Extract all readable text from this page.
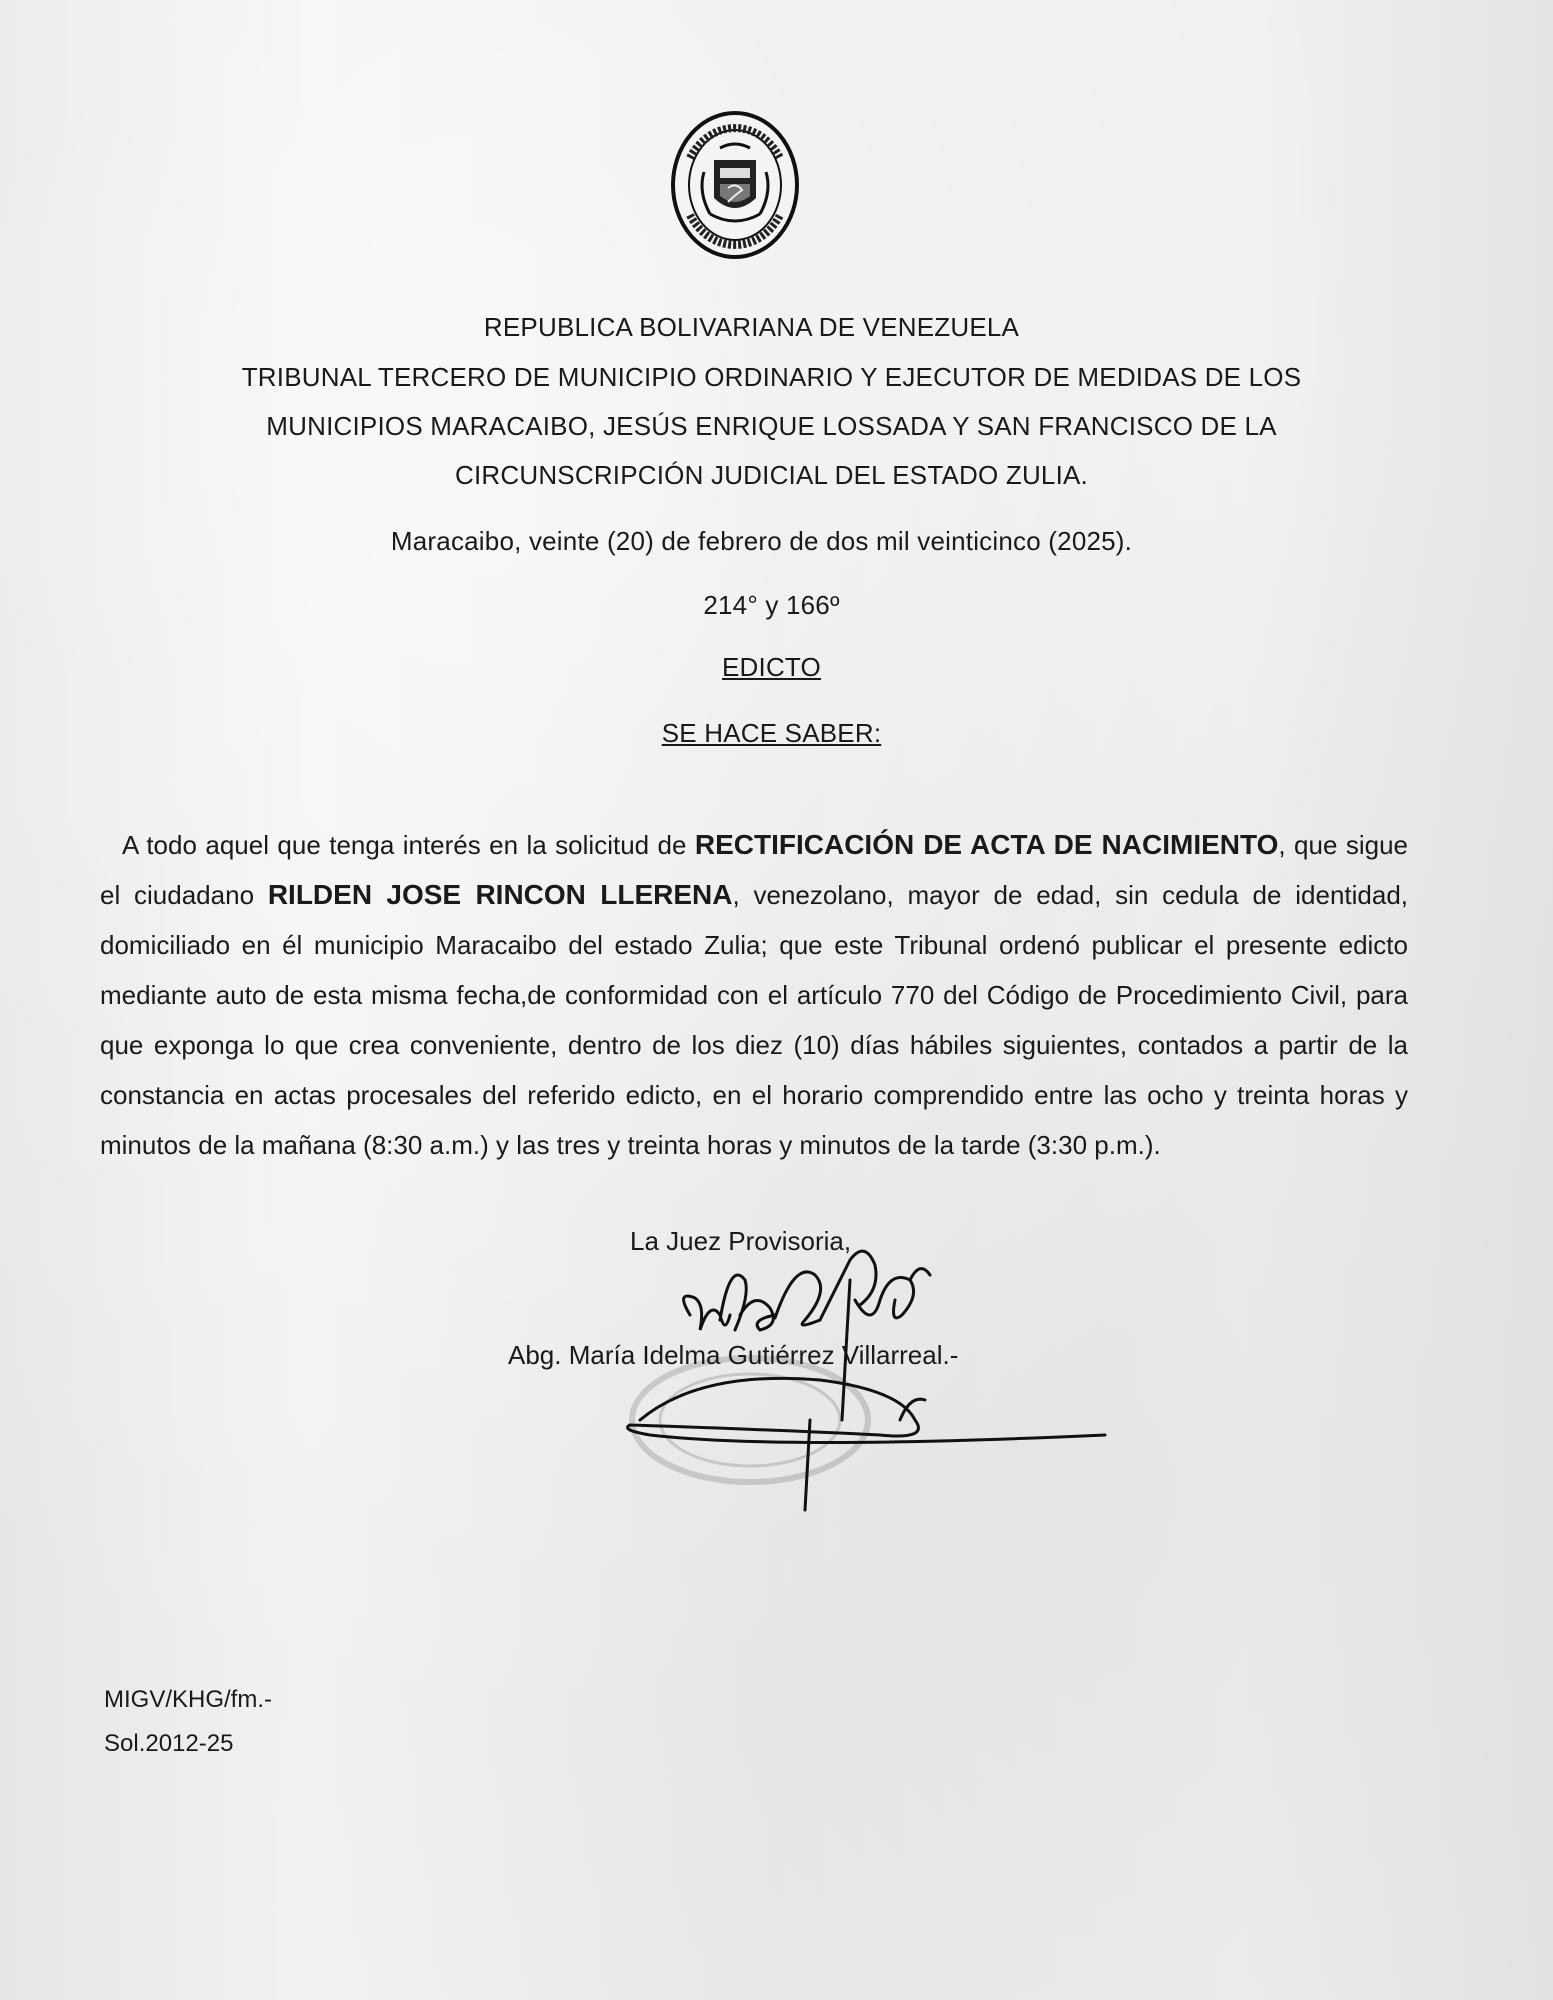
REPUBLICA BOLIVARIANA DE VENEZUELA
TRIBUNAL TERCERO DE MUNICIPIO ORDINARIO Y EJECUTOR DE MEDIDAS DE LOS
MUNICIPIOS MARACAIBO, JESÚS ENRIQUE LOSSADA Y SAN FRANCISCO DE LA
CIRCUNSCRIPCIÓN JUDICIAL DEL ESTADO ZULIA.
Maracaibo, veinte (20) de febrero de dos mil veinticinco (2025).
214° y 166º
EDICTO
SE HACE SABER:
A todo aquel que tenga interés en la solicitud de RECTIFICACIÓN DE ACTA DE NACIMIENTO, que sigue el ciudadano RILDEN JOSE RINCON LLERENA, venezolano, mayor de edad, sin cedula de identidad, domiciliado en él municipio Maracaibo del estado Zulia; que este Tribunal ordenó publicar el presente edicto mediante auto de esta misma fecha,de conformidad con el artículo 770 del Código de Procedimiento Civil, para que exponga lo que crea conveniente, dentro de los diez (10) días hábiles siguientes, contados a partir de la constancia en actas procesales del referido edicto, en el horario comprendido entre las ocho y treinta horas y minutos de la mañana (8:30 a.m.) y las tres y treinta horas y minutos de la tarde (3:30 p.m.).
La Juez Provisoria,
Abg. María Idelma Gutiérrez Villarreal.-
MIGV/KHG/fm.-
Sol.2012-25
